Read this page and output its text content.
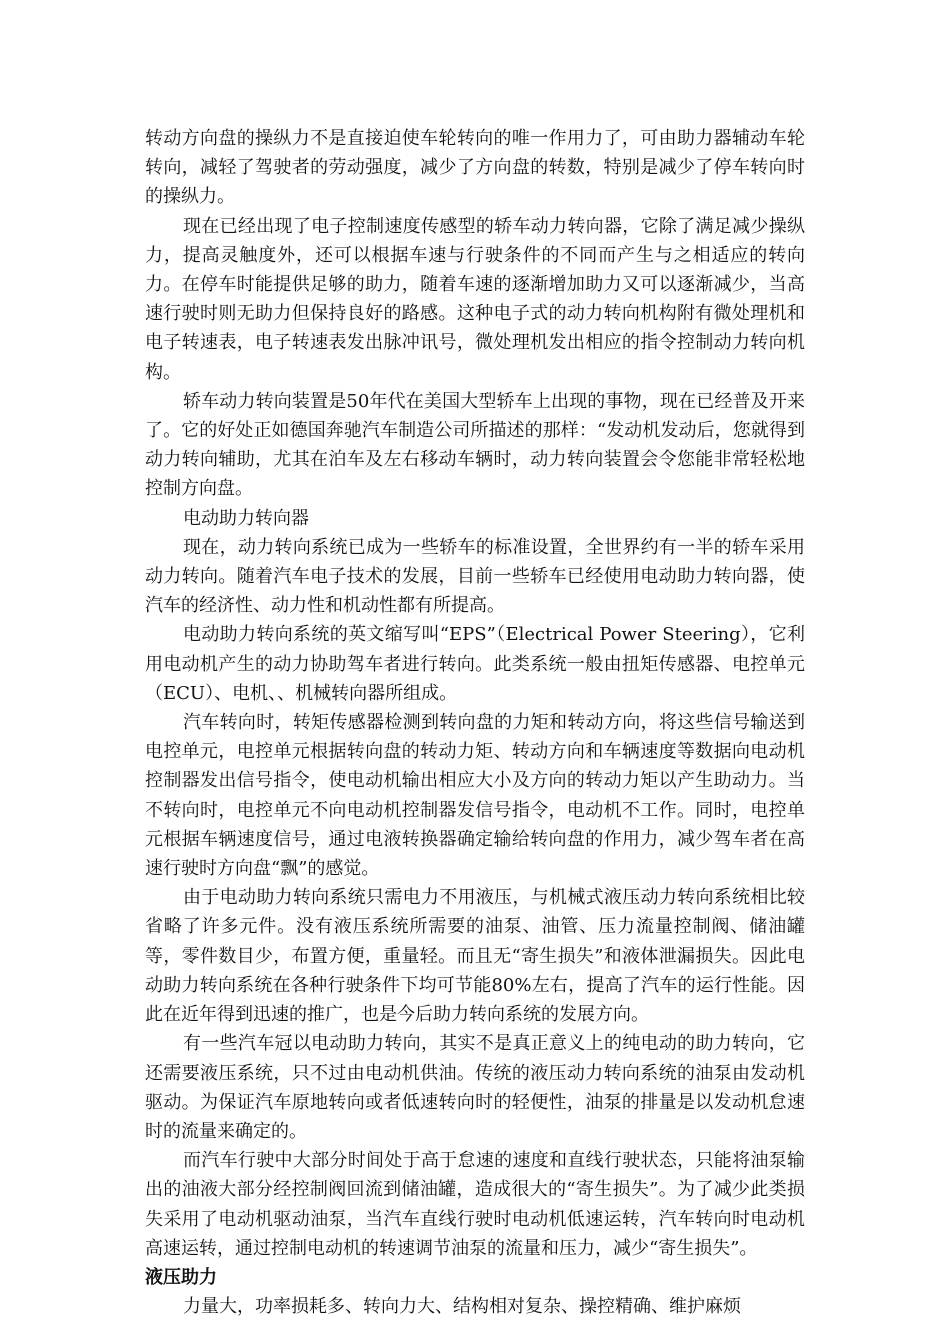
转动方向盘的操纵力不是直接迫使车轮转向的唯一作用力了，可由助力器辅动车轮转向，减轻了驾驶者的劳动强度，减少了方向盘的转数，特别是减少了停车转向时的操纵力。

现在已经出现了电子控制速度传感型的轿车动力转向器，它除了满足减少操纵力，提高灵触度外，还可以根据车速与行驶条件的不同而产生与之相适应的转向力。在停车时能提供足够的助力，随着车速的逐渐增加助力又可以逐渐减少，当高速行驶时则无助力但保持良好的路感。这种电子式的动力转向机构附有微处理机和电子转速表，电子转速表发出脉冲讯号，微处理机发出相应的指令控制动力转向机构。

轿车动力转向装置是50年代在美国大型轿车上出现的事物，现在已经普及开来了。它的好处正如德国奔驰汽车制造公司所描述的那样：“发动机发动后，您就得到动力转向辅助，尤其在泊车及左右移动车辆时，动力转向装置会令您能非常轻松地控制方向盘。

电动助力转向器

现在，动力转向系统已成为一些轿车的标准设置，全世界约有一半的轿车采用动力转向。随着汽车电子技术的发展，目前一些轿车已经使用电动助力转向器，使汽车的经济性、动力性和机动性都有所提高。

电动助力转向系统的英文缩写叫“EPS”（Electrical Power Steering），它利用电动机产生的动力协助驾车者进行转向。此类系统一般由扭矩传感器、电控单元（ECU）、电机、、机械转向器所组成。

汽车转向时，转矩传感器检测到转向盘的力矩和转动方向，将这些信号输送到电控单元，电控单元根据转向盘的转动力矩、转动方向和车辆速度等数据向电动机控制器发出信号指令，使电动机输出相应大小及方向的转动力矩以产生助动力。当不转向时，电控单元不向电动机控制器发信号指令，电动机不工作。同时，电控单元根据车辆速度信号，通过电液转换器确定输给转向盘的作用力，减少驾车者在高速行驶时方向盘“飘”的感觉。

由于电动助力转向系统只需电力不用液压，与机械式液压动力转向系统相比较省略了许多元件。没有液压系统所需要的油泵、油管、压力流量控制阀、储油罐等，零件数目少，布置方便，重量轻。而且无“寄生损失”和液体泄漏损失。因此电动助力转向系统在各种行驶条件下均可节能80%左右，提高了汽车的运行性能。因此在近年得到迅速的推广，也是今后助力转向系统的发展方向。

有一些汽车冠以电动助力转向，其实不是真正意义上的纯电动的助力转向，它还需要液压系统，只不过由电动机供油。传统的液压动力转向系统的油泵由发动机驱动。为保证汽车原地转向或者低速转向时的轻便性，油泵的排量是以发动机怠速时的流量来确定的。

而汽车行驶中大部分时间处于高于怠速的速度和直线行驶状态，只能将油泵输出的油液大部分经控制阀回流到储油罐，造成很大的“寄生损失”。为了减少此类损失采用了电动机驱动油泵，当汽车直线行驶时电动机低速运转，汽车转向时电动机高速运转，通过控制电动机的转速调节油泵的流量和压力，减少“寄生损失”。

液压助力

力量大，功率损耗多、转向力大、结构相对复杂、操控精确、维护麻烦
